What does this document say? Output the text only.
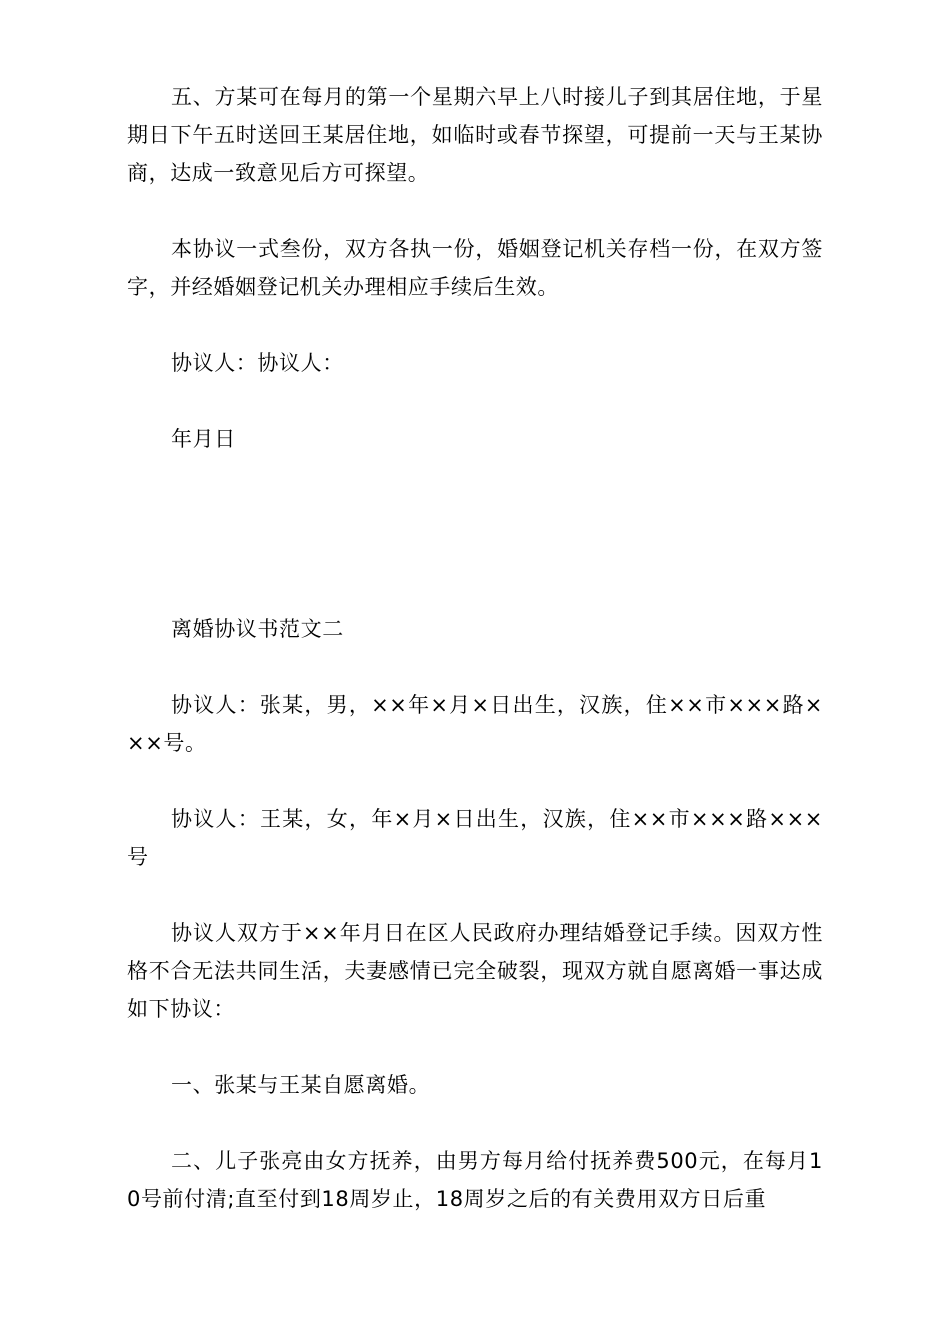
五、方某可在每月的第一个星期六早上八时接儿子到其居住地，于星期日下午五时送回王某居住地，如临时或春节探望，可提前一天与王某协商，达成一致意见后方可探望。

本协议一式叁份，双方各执一份，婚姻登记机关存档一份，在双方签字，并经婚姻登记机关办理相应手续后生效。

协议人：协议人：

年月日

离婚协议书范文二

协议人：张某，男，××年×月×日出生，汉族，住××市×××路×××号。

协议人：王某，女，年×月×日出生，汉族，住××市×××路×××号

协议人双方于××年月日在区人民政府办理结婚登记手续。因双方性格不合无法共同生活，夫妻感情已完全破裂，现双方就自愿离婚一事达成如下协议：

一、张某与王某自愿离婚。

二、儿子张亮由女方抚养，由男方每月给付抚养费500元，在每月10号前付清;直至付到18周岁止，18周岁之后的有关费用双方日后重
